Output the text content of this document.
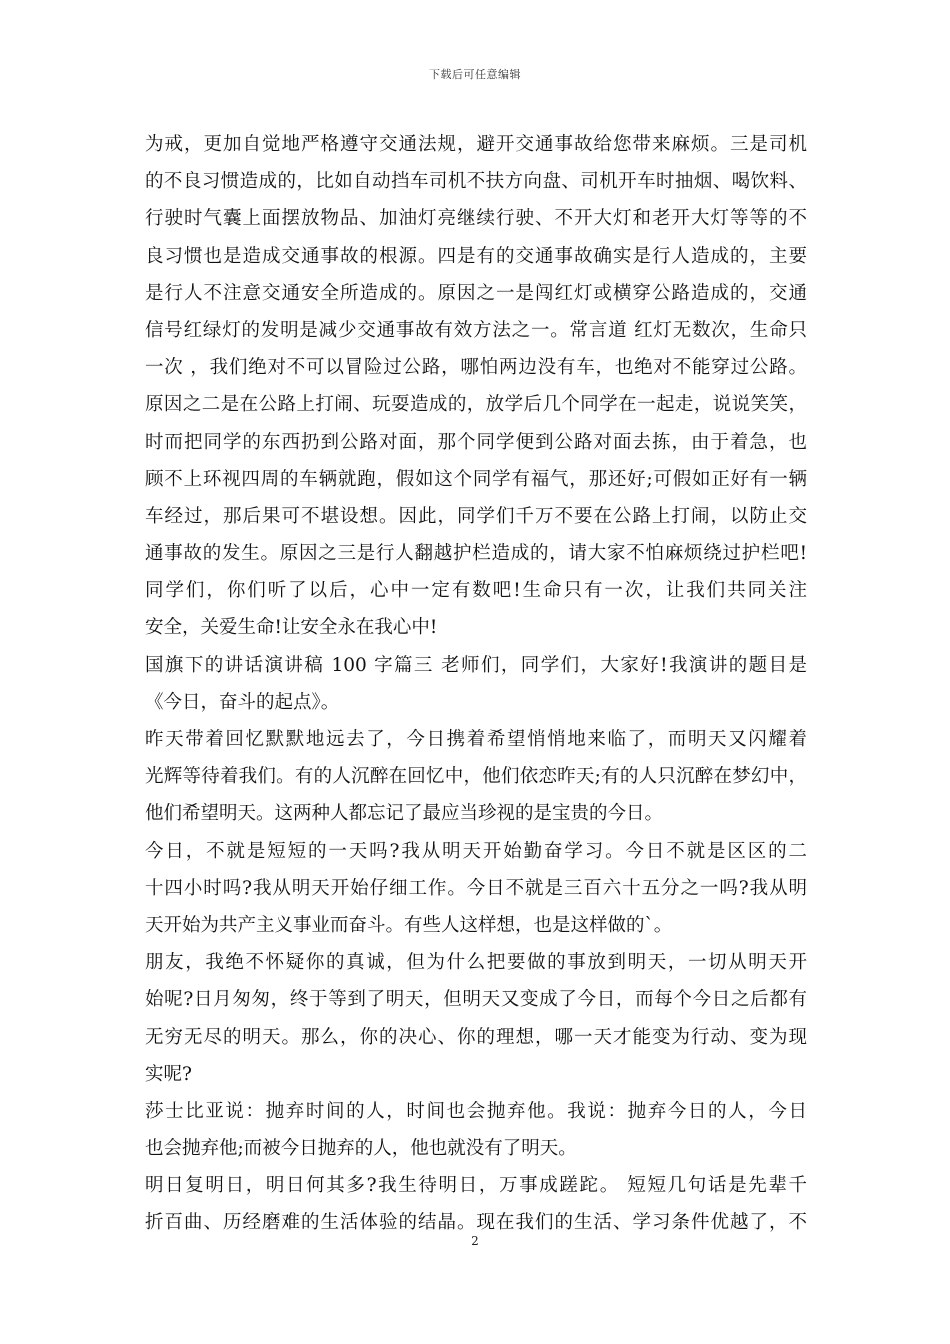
下载后可任意编辑
为戒，更加自觉地严格遵守交通法规，避开交通事故给您带来麻烦。三是司机
的不良习惯造成的，比如自动挡车司机不扶方向盘、司机开车时抽烟、喝饮料、
行驶时气囊上面摆放物品、加油灯亮继续行驶、不开大灯和老开大灯等等的不
良习惯也是造成交通事故的根源。四是有的交通事故确实是行人造成的，主要
是行人不注意交通安全所造成的。原因之一是闯红灯或横穿公路造成的，交通
信号红绿灯的发明是减少交通事故有效方法之一。常言道 红灯无数次，生命只
一次 ，我们绝对不可以冒险过公路，哪怕两边没有车，也绝对不能穿过公路。
原因之二是在公路上打闹、玩耍造成的，放学后几个同学在一起走，说说笑笑，
时而把同学的东西扔到公路对面，那个同学便到公路对面去拣，由于着急，也
顾不上环视四周的车辆就跑，假如这个同学有福气，那还好;可假如正好有一辆
车经过，那后果可不堪设想。因此，同学们千万不要在公路上打闹，以防止交
通事故的发生。原因之三是行人翻越护栏造成的，请大家不怕麻烦绕过护栏吧!
同学们，你们听了以后，心中一定有数吧!生命只有一次，让我们共同关注
安全，关爱生命!让安全永在我心中!
国旗下的讲话演讲稿 100 字篇三 老师们，同学们，大家好!我演讲的题目是
《今日，奋斗的起点》。
昨天带着回忆默默地远去了，今日携着希望悄悄地来临了，而明天又闪耀着
光辉等待着我们。有的人沉醉在回忆中，他们依恋昨天;有的人只沉醉在梦幻中，
他们希望明天。这两种人都忘记了最应当珍视的是宝贵的今日。
今日，不就是短短的一天吗?我从明天开始勤奋学习。今日不就是区区的二
十四小时吗?我从明天开始仔细工作。今日不就是三百六十五分之一吗?我从明
天开始为共产主义事业而奋斗。有些人这样想，也是这样做的`。
朋友，我绝不怀疑你的真诚，但为什么把要做的事放到明天，一切从明天开
始呢?日月匆匆，终于等到了明天，但明天又变成了今日，而每个今日之后都有
无穷无尽的明天。那么，你的决心、你的理想，哪一天才能变为行动、变为现
实呢?
莎士比亚说：抛弃时间的人，时间也会抛弃他。我说：抛弃今日的人，今日
也会抛弃他;而被今日抛弃的人，他也就没有了明天。
明日复明日，明日何其多?我生待明日，万事成蹉跎。 短短几句话是先辈千
折百曲、历经磨难的生活体验的结晶。现在我们的生活、学习条件优越了，不
2
